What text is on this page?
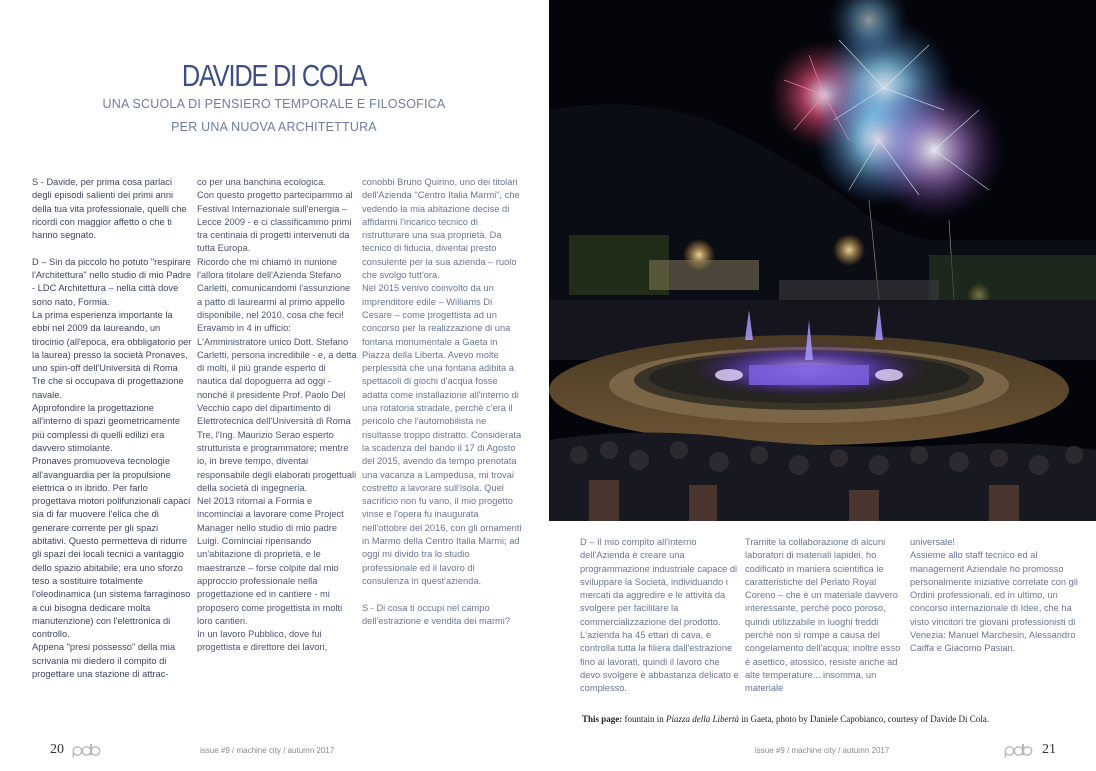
DAVIDE DI COLA
UNA SCUOLA DI PENSIERO TEMPORALE E FILOSOFICA
PER UNA NUOVA ARCHITETTURA

S - Davide, per prima cosa parlaci degli episodi salienti dei primi anni della tua vita professionale, quelli che ricordi con maggior affetto o che ti hanno segnato.

D – Sin da piccolo ho potuto "respirare l'Architettura" nello studio di mio Padre - LDC Architettura – nella città dove sono nato, Formia.

La prima esperienza importante la ebbi nel 2009 da laureando, un tirocinio (all'epoca, era obbligatorio per la laurea) presso la società Pronaves, uno spin-off dell'Università di Roma Tre che si occupava di progettazione navale.

Approfondire la progettazione all'interno di spazi geometricamente più complessi di quelli edilizi era davvero stimolante.

Pronaves promuoveva tecnologie all'avanguardia per la propulsione elettrica o in ibrido. Per farlo progettava motori polifunzionali capaci sia di far muovere l'elica che di generare corrente per gli spazi abitativi. Questo permetteva di ridurre gli spazi dei locali tecnici a vantaggio dello spazio abitabile; era uno sforzo teso a sostituire totalmente l'oleodinamica (un sistema farraginoso a cui bisogna dedicare molta manutenzione) con l'elettronica di controllo.

Appena "presi possesso" della mia scrivania mi diedero il compito di progettare una stazione di attrac-

co per una banchina ecologica.

Con questo progetto partecipammo al Festival Internazionale sull'energia – Lecce 2009 - e ci classificammo primi tra centinaia di progetti intervenuti da tutta Europa.

Ricordo che mi chiamò in riunione l'allora titolare dell'Azienda Stefano Carletti, comunicandomi l'assunzione a patto di laurearmi al primo appello disponibile, nel 2010, cosa che feci!

Eravamo in 4 in ufficio: L'Amministratore unico Dott. Stefano Carletti, persona incredibile - e, a detta di molti, il più grande esperto di nautica dal dopoguerra ad oggi - nonché il presidente Prof. Paolo Del Vecchio capo del dipartimento di Elettrotecnica dell'Università di Roma Tre, l'Ing. Maurizio Serao esperto strutturista e programmatore; mentre io, in breve tempo, diventai responsabile degli elaborati progettuali della società di ingegneria.

Nel 2013 ritornai a Formia e incominciai a lavorare come Project Manager nello studio di mio padre Luigi. Cominciai ripensando un'abitazione di proprietà, e le maestranze – forse colpite dal mio approccio professionale nella progettazione ed in cantiere - mi proposero come progettista in molti loro cantieri.

In un lavoro Pubblico, dove fui progettista e direttore dei lavori,

conobbi Bruno Quirino, uno dei titolari dell'Azienda "Centro Italia Marmi", che vedendo la mia abitazione decise di affidarmi l'incarico tecnico di ristrutturare una sua proprietà. Da tecnico di fiducia, diventai presto consulente per la sua azienda – ruolo che svolgo tutt'ora.

Nel 2015 venivo coinvolto da un imprenditore edile – Williams Di Cesare – come progettista ad un concorso per la realizzazione di una fontana monumentale a Gaeta in Piazza della Liberta. Avevo molte perplessità che una fontana adibita a spettacoli di giochi d'acqua fosse adatta come installazione all'interno di una rotatoria stradale, perchè c'era il pericolo che l'automobilista ne risultasse troppo distratto. Considerata la scadenza del bando il 17 di Agosto del 2015, avendo da tempo prenotata una vacanza a Lampedusa, mi trovai costretto a lavorare sull'isola. Quel sacrificio non fu vano, il mio progetto vinse e l'opera fu inaugurata nell'ottobre del 2016, con gli ornamenti in Marmo della Centro Italia Marmi; ad oggi mi divido tra lo studio professionale ed il lavoro di consulenza in quest'azienda.

S - Di cosa ti occupi nel campo dell'estrazione e vendita dei marmi?

20	issue #9 / machine city / autumn 2017

D – Il mio compito all'interno dell'Azienda è creare una programmazione industriale capace di sviluppare la Società, individuando i mercati da aggredire e le attività da svolgere per facilitare la commercializzazione del prodotto. L'azienda ha 45 ettari di cava, e controlla tutta la filiera dall'estrazione fino ai lavorati, quindi il lavoro che devo svolgere è abbastanza delicato e complesso.

Tramite la collaborazione di alcuni laboratori di materiali lapidei, ho codificato in maniera scientifica le caratteristiche del Perlato Royal Coreno – che è un materiale davvero interessante, perchè poco poroso, quindi utilizzabile in luoghi freddi perchè non si rompe a causa del congelamento dell'acqua; inoltre esso è asettico, atossico, resiste anche ad alte temperature... insomma, un materiale

universale!

Assieme allo staff tecnico ed al management Aziendale ho promosso personalmente iniziative correlate con gli Ordini professionali, ed in ultimo, un concorso internazionale di Idee, che ha visto vincitori tre giovani professionisti di Venezia: Manuel Marchesin, Alessandro Caiffa e Giacomo Pasian.

issue #9 / machine city / autumn 2017	21
This page: fountain in Piazza della Libertà in Gaeta, photo by Daniele Capobianco, courtesy of Davide Di Cola.
